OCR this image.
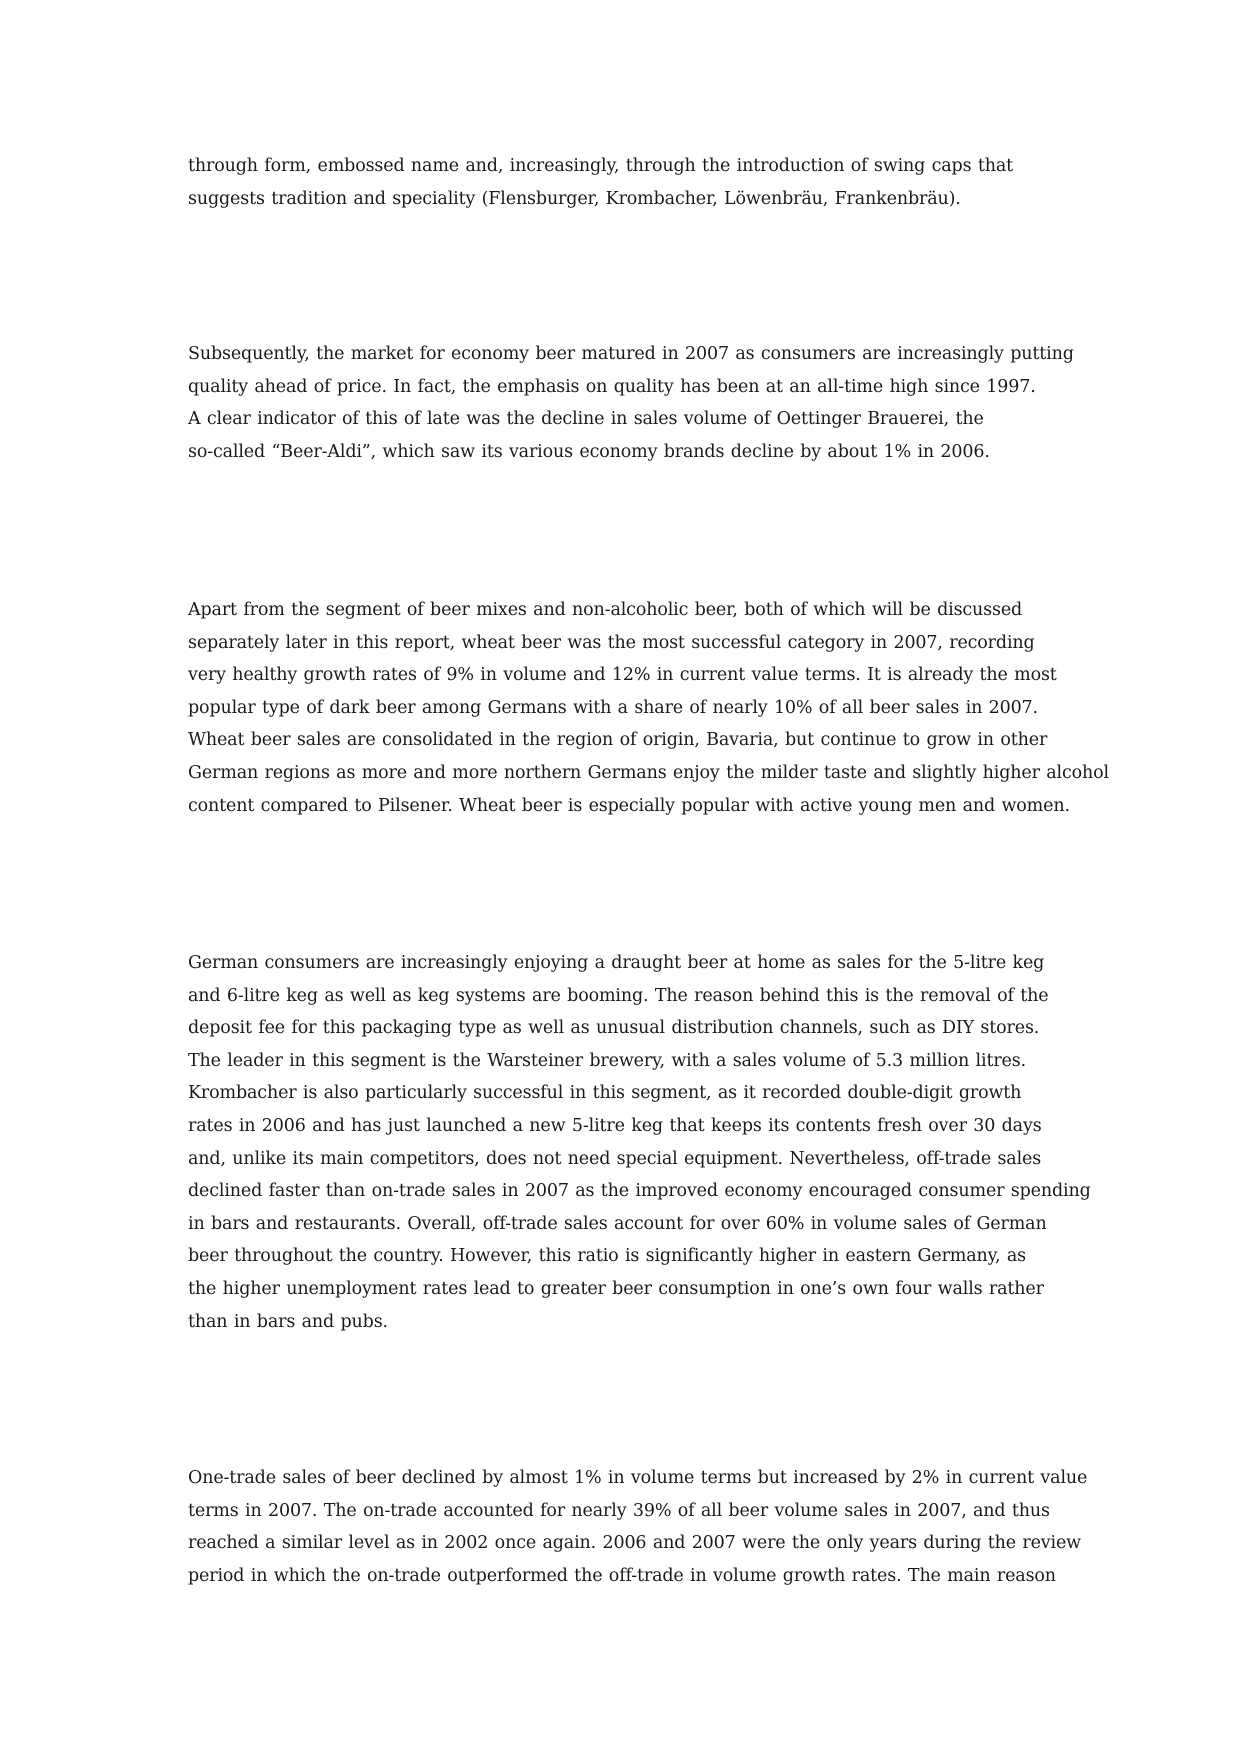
through form, embossed name and, increasingly, through the introduction of swing caps that
suggests tradition and speciality (Flensburger, Krombacher, Löwenbräu, Frankenbräu).

Subsequently, the market for economy beer matured in 2007 as consumers are increasingly putting
quality ahead of price. In fact, the emphasis on quality has been at an all-time high since 1997.
A clear indicator of this of late was the decline in sales volume of Oettinger Brauerei, the
so-called “Beer-Aldi”, which saw its various economy brands decline by about 1% in 2006.

Apart from the segment of beer mixes and non-alcoholic beer, both of which will be discussed
separately later in this report, wheat beer was the most successful category in 2007, recording
very healthy growth rates of 9% in volume and 12% in current value terms. It is already the most
popular type of dark beer among Germans with a share of nearly 10% of all beer sales in 2007.
Wheat beer sales are consolidated in the region of origin, Bavaria, but continue to grow in other
German regions as more and more northern Germans enjoy the milder taste and slightly higher alcohol
content compared to Pilsener. Wheat beer is especially popular with active young men and women.

German consumers are increasingly enjoying a draught beer at home as sales for the 5-litre keg
and 6-litre keg as well as keg systems are booming. The reason behind this is the removal of the
deposit fee for this packaging type as well as unusual distribution channels, such as DIY stores.
The leader in this segment is the Warsteiner brewery, with a sales volume of 5.3 million litres.
Krombacher is also particularly successful in this segment, as it recorded double-digit growth
rates in 2006 and has just launched a new 5-litre keg that keeps its contents fresh over 30 days
and, unlike its main competitors, does not need special equipment. Nevertheless, off-trade sales
declined faster than on-trade sales in 2007 as the improved economy encouraged consumer spending
in bars and restaurants. Overall, off-trade sales account for over 60% in volume sales of German
beer throughout the country. However, this ratio is significantly higher in eastern Germany, as
the higher unemployment rates lead to greater beer consumption in one’s own four walls rather
than in bars and pubs.

One-trade sales of beer declined by almost 1% in volume terms but increased by 2% in current value
terms in 2007. The on-trade accounted for nearly 39% of all beer volume sales in 2007, and thus
reached a similar level as in 2002 once again. 2006 and 2007 were the only years during the review
period in which the on-trade outperformed the off-trade in volume growth rates. The main reason
